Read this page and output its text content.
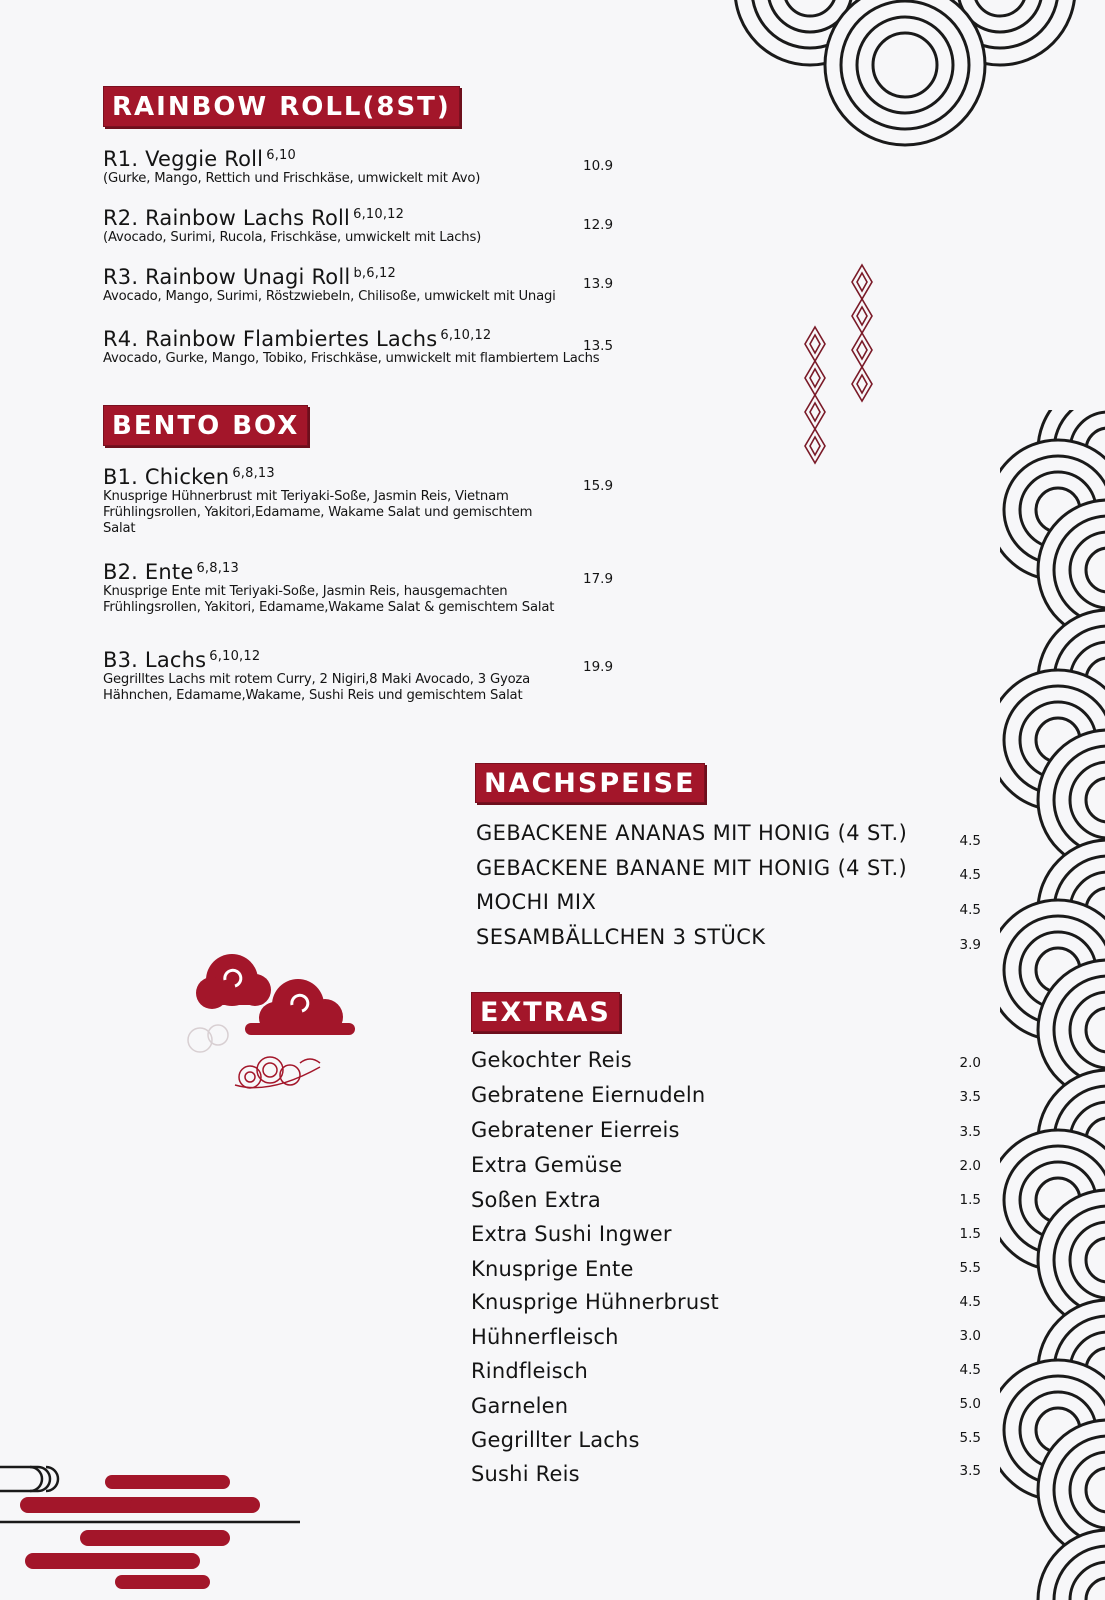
RAINBOW ROLL(8ST)
R1. Veggie Roll $^{6,10}$
(Gurke, Mango, Rettich und Frischkäse, umwickelt mit Avo)
10.9
R2. Rainbow Lachs Roll $^{6,10,12}$
(Avocado, Surimi, Rucola, Frischkäse, umwickelt mit Lachs)
12.9
R3. Rainbow Unagi Roll $^{b,6,12}$
Avocado, Mango, Surimi, Röstzwiebeln, Chilisoße, umwickelt mit Unagi
13.9
R4. Rainbow Flambiertes Lachs $^{6,10,12}$
Avocado, Gurke, Mango, Tobiko, Frischkäse, umwickelt mit flambiertem Lachs
13.5
BENTO BOX
B1. Chicken $^{6,8,13}$
Knusprige Hühnerbrust mit Teriyaki-Soße, Jasmin Reis, Vietnam Frühlingsrollen, Yakitori,Edamame, Wakame Salat und gemischtem Salat
15.9
B2. Ente $^{6,8,13}$
Knusprige Ente mit Teriyaki-Soße, Jasmin Reis, hausgemachten Frühlingsrollen, Yakitori, Edamame,Wakame Salat & gemischtem Salat
17.9
B3. Lachs $^{6,10,12}$
Gegrilltes Lachs mit rotem Curry, 2 Nigiri,8 Maki Avocado, 3 Gyoza Hähnchen, Edamame,Wakame, Sushi Reis und gemischtem Salat
19.9
NACHSPEISE
GEBACKENE ANANAS MIT HONIG (4 ST.)	4.5
GEBACKENE BANANE MIT HONIG (4 ST.)	4.5
MOCHI MIX	4.5
SESAMBÄLLCHEN 3 STÜCK	3.9
EXTRAS
Gekochter Reis	2.0
Gebratene Eiernudeln	3.5
Gebratener Eierreis	3.5
Extra Gemüse	2.0
Soßen Extra	1.5
Extra Sushi Ingwer	1.5
Knusprige Ente	5.5
Knusprige Hühnerbrust	4.5
Hühnerfleisch	3.0
Rindfleisch	4.5
Garnelen	5.0
Gegrillter Lachs	5.5
Sushi Reis	3.5
